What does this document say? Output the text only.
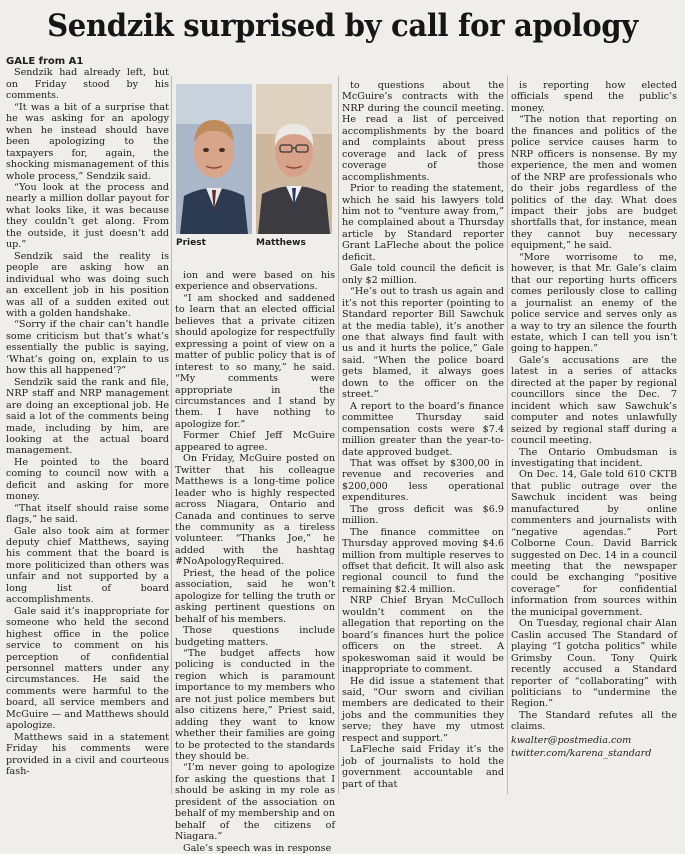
Sendzik surprised by call for apology

GALE from A1

Sendzik had already left, but on Friday stood by his comments.

“It was a bit of a surprise that he was asking for an apology when he instead should have been apologizing to the taxpayers for, again, the shocking mismanagement of this whole process,” Sendzik said.

“You look at the process and nearly a million dollar payout for what looks like, it was because they couldn’t get along. From the outside, it just doesn’t add up.”

Sendzik said the reality is people are asking how an individual who was doing such an excellent job in his position was all of a sudden exited out with a golden handshake.

“Sorry if the chair can’t handle some criticism but that’s what’s essentially the public is saying, ‘What’s going on, explain to us how this all happened’?”

Sendzik said the rank and file, NRP staff and NRP management are doing an exceptional job. He said a lot of the comments being made, including by him, are looking at the actual board management.

He pointed to the board coming to council now with a deficit and asking for more money.

“That itself should raise some flags,” he said.

Gale also took aim at former deputy chief Matthews, saying his comment that the board is more politicized than others was unfair and not supported by a long list of board accomplishments.

Gale said it’s inappropriate for someone who held the second highest office in the police service to comment on his perception of confidential personnel matters under any circumstances. He said the comments were harmful to the board, all service members and McGuire — and Matthews should apologize.

Matthews said in a statement Friday his comments were provided in a civil and courteous fash-

Priest	Matthews

ion and were based on his experience and observations.

“I am shocked and saddened to learn that an elected official believes that a private citizen should apologize for respectfully expressing a point of view on a matter of public policy that is of interest to so many,” he said. “My comments were appropriate in the circumstances and I stand by them. I have nothing to apologize for.”

Former Chief Jeff McGuire appeared to agree.

On Friday, McGuire posted on Twitter that his colleague Matthews is a long-time police leader who is highly respected across Niagara, Ontario and Canada and continues to serve the community as a tireless volunteer. “Thanks Joe,” he added with the hashtag #NoApologyRequired.

Priest, the head of the police association, said he won’t apologize for telling the truth or asking pertinent questions on behalf of his members.

Those questions include budgeting matters.

“The budget affects how policing is conducted in the region which is paramount importance to my members who are not just police members but also citizens here,” Priest said, adding they want to know whether their families are going to be protected to the standards they should be.

“I’m never going to apologize for asking the questions that I should be asking in my role as president of the association on behalf of my membership and on behalf of the citizens of Niagara.”

Gale’s speech was in response

to questions about the McGuire’s contracts with the NRP during the council meeting. He read a list of perceived accomplishments by the board and complaints about press coverage and lack of press coverage of those accomplishments.

Prior to reading the statement, which he said his lawyers told him not to “venture away from,” he complained about a Thursday article by Standard reporter Grant LaFleche about the police deficit.

Gale told council the deficit is only $2 million.

“He’s out to trash us again and it’s not this reporter (pointing to Standard reporter Bill Sawchuk at the media table), it’s another one that always find fault with us and it hurts the police,” Gale said. “When the police board gets blamed, it always goes down to the officer on the street.”

A report to the board’s finance committee Thursday said compensation costs were $7.4 million greater than the year-to-date approved budget.

That was offset by $300,00 in revenue and recoveries and $200,000 less operational expenditures.

The gross deficit was $6.9 million.

The finance committee on Thursday approved moving $4.6 million from multiple reserves to offset that deficit. It will also ask regional council to fund the remaining $2.4 million.

NRP Chief Bryan McCulloch wouldn’t comment on the allegation that reporting on the board’s finances hurt the police officers on the street. A spokeswoman said it would be inappropriate to comment.

He did issue a statement that said, “Our sworn and civilian members are dedicated to their jobs and the communities they serve; they have my utmost respect and support.”

LaFleche said Friday it’s the job of journalists to hold the government accountable and part of that

is reporting how elected officials spend the public’s money.

“The notion that reporting on the finances and politics of the police service causes harm to NRP officers is nonsense. By my experience, the men and women of the NRP are professionals who do their jobs regardless of the politics of the day. What does impact their jobs are budget shortfalls that, for instance, mean they cannot buy necessary equipment,” he said.

“More worrisome to me, however, is that Mr. Gale’s claim that our reporting hurts officers comes perilously close to calling a journalist an enemy of the police service and serves only as a way to try an silence the fourth estate, which I can tell you isn’t going to happen.”

Gale’s accusations are the latest in a series of attacks directed at the paper by regional councillors since the Dec. 7 incident which saw Sawchuk’s computer and notes unlawfully seized by regional staff during a council meeting.

The Ontario Ombudsman is investigating that incident.

On Dec. 14, Gale told 610 CKTB that public outrage over the Sawchuk incident was being manufactured by online commenters and journalists with “negative agendas.” Port Colborne Coun. David Barrick suggested on Dec. 14 in a council meeting that the newspaper could be exchanging “positive coverage” for confidential information from sources within the municipal government.

On Tuesday, regional chair Alan Caslin accused The Standard of playing “I gotcha politics” while Grimsby Coun. Tony Quirk recently accused a Standard reporter of “collaborating” with politicians to “undermine the Region.”

The Standard refutes all the claims.

kwalter@postmedia.com

twitter.com/karena_standard
